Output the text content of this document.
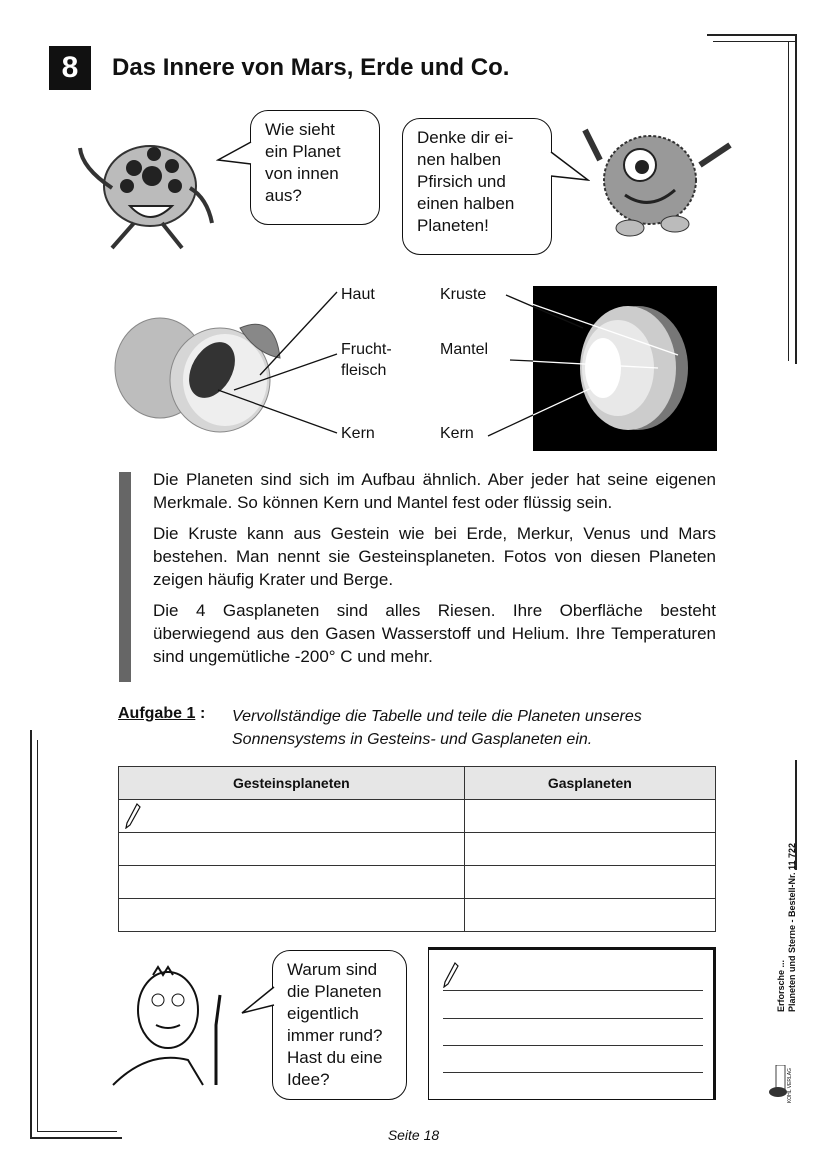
8	Das Innere von Mars, Erde und Co.
Wie sieht
ein Planet
von innen
aus?
Denke dir ei-
nen halben
Pfirsich und
einen halben
Planeten!
Haut
Frucht-
fleisch
Kern
Kruste
Mantel
Kern

Die Planeten sind sich im Aufbau ähnlich. Aber jeder hat seine eigenen Merkmale. So können Kern und Mantel fest oder flüssig sein.

Die Kruste kann aus Gestein wie bei Erde, Merkur, Venus und Mars bestehen. Man nennt sie Gesteinsplaneten. Fotos von diesen Planeten zeigen häufig Krater und Berge.

Die 4 Gasplaneten sind alles Riesen. Ihre Oberfläche besteht überwiegend aus den Gasen Wasserstoff und Helium. Ihre Temperaturen sind ungemütliche -200° C und mehr.

Aufgabe 1 : Vervollständige die Tabelle und teile die Planeten unseres
Sonnensystems in Gesteins- und Gasplaneten ein.
Gesteinsplaneten	Gasplaneten

Warum sind
die Planeten
eigentlich
immer rund?
Hast du eine
Idee?
Erforsche ... Planeten und Sterne - Bestell-Nr. 11 722
KOHL VERLAG
Seite 18
